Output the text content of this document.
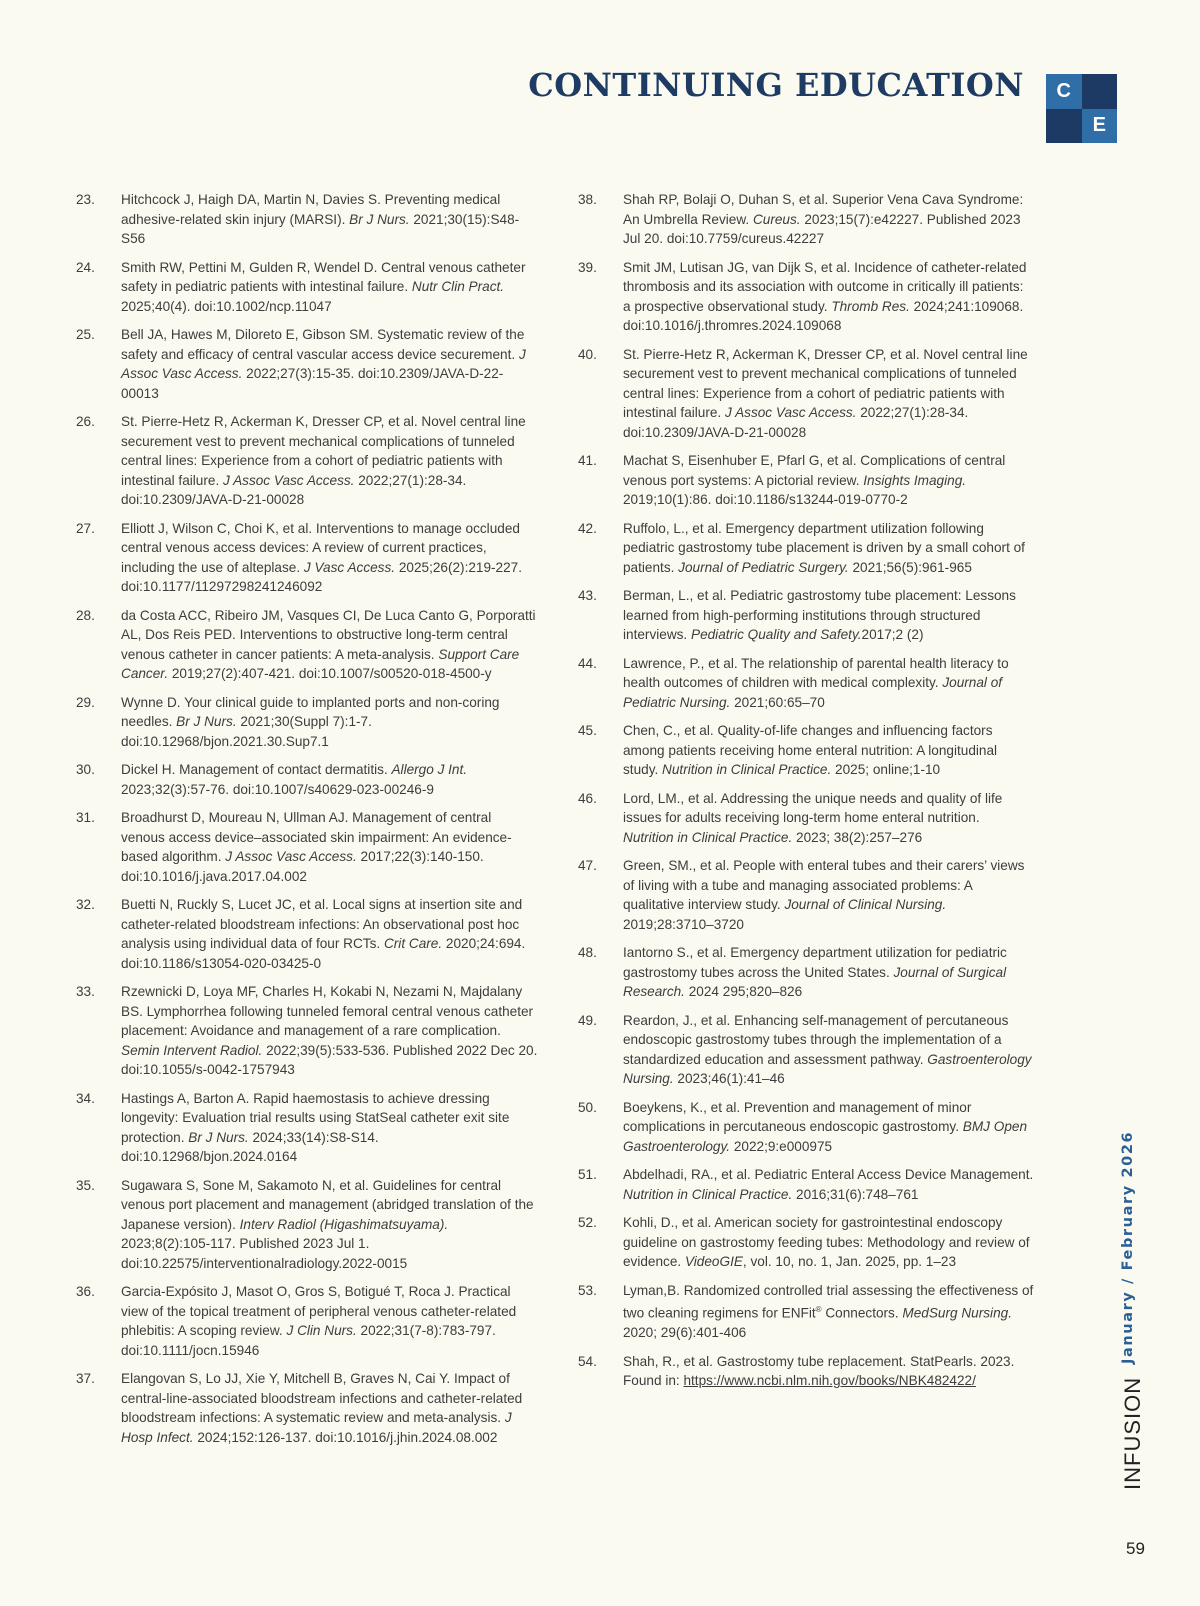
CONTINUING EDUCATION	C
E
23.	Hitchcock J, Haigh DA, Martin N, Davies S. Preventing medical adhesive-related skin injury (MARSI). Br J Nurs. 2021;30(15):S48-S56
24.	Smith RW, Pettini M, Gulden R, Wendel D. Central venous catheter safety in pediatric patients with intestinal failure. Nutr Clin Pract. 2025;40(4). doi:10.1002/ncp.11047
25.	Bell JA, Hawes M, Diloreto E, Gibson SM. Systematic review of the safety and efficacy of central vascular access device securement. J Assoc Vasc Access. 2022;27(3):15-35. doi:10.2309/JAVA-D-22-00013
26.	St. Pierre-Hetz R, Ackerman K, Dresser CP, et al. Novel central line securement vest to prevent mechanical complications of tunneled central lines: Experience from a cohort of pediatric patients with intestinal failure. J Assoc Vasc Access. 2022;27(1):28-34. doi:10.2309/JAVA-D-21-00028
27.	Elliott J, Wilson C, Choi K, et al. Interventions to manage occluded central venous access devices: A review of current practices, including the use of alteplase. J Vasc Access. 2025;26(2):219-227. doi:10.1177/11297298241246092
28.	da Costa ACC, Ribeiro JM, Vasques CI, De Luca Canto G, Porporatti AL, Dos Reis PED. Interventions to obstructive long-term central venous catheter in cancer patients: A meta-analysis. Support Care Cancer. 2019;27(2):407-421. doi:10.1007/s00520-018-4500-y
29.	Wynne D. Your clinical guide to implanted ports and non-coring needles. Br J Nurs. 2021;30(Suppl 7):1-7. doi:10.12968/bjon.2021.30.Sup7.1
30.	Dickel H. Management of contact dermatitis. Allergo J Int. 2023;32(3):57-76. doi:10.1007/s40629-023-00246-9
31.	Broadhurst D, Moureau N, Ullman AJ. Management of central venous access device–associated skin impairment: An evidence-based algorithm. J Assoc Vasc Access. 2017;22(3):140-150. doi:10.1016/j.java.2017.04.002
32.	Buetti N, Ruckly S, Lucet JC, et al. Local signs at insertion site and catheter-related bloodstream infections: An observational post hoc analysis using individual data of four RCTs. Crit Care. 2020;24:694. doi:10.1186/s13054-020-03425-0
33.	Rzewnicki D, Loya MF, Charles H, Kokabi N, Nezami N, Majdalany BS. Lymphorrhea following tunneled femoral central venous catheter placement: Avoidance and management of a rare complication. Semin Intervent Radiol. 2022;39(5):533-536. Published 2022 Dec 20. doi:10.1055/s-0042-1757943
34.	Hastings A, Barton A. Rapid haemostasis to achieve dressing longevity: Evaluation trial results using StatSeal catheter exit site protection. Br J Nurs. 2024;33(14):S8-S14. doi:10.12968/bjon.2024.0164
35.	Sugawara S, Sone M, Sakamoto N, et al. Guidelines for central venous port placement and management (abridged translation of the Japanese version). Interv Radiol (Higashimatsuyama). 2023;8(2):105-117. Published 2023 Jul 1. doi:10.22575/interventionalradiology.2022-0015
36.	Garcia-Expósito J, Masot O, Gros S, Botigué T, Roca J. Practical view of the topical treatment of peripheral venous catheter-related phlebitis: A scoping review. J Clin Nurs. 2022;31(7-8):783-797. doi:10.1111/jocn.15946
37.	Elangovan S, Lo JJ, Xie Y, Mitchell B, Graves N, Cai Y. Impact of central-line-associated bloodstream infections and catheter-related bloodstream infections: A systematic review and meta-analysis. J Hosp Infect. 2024;152:126-137. doi:10.1016/j.jhin.2024.08.002
38.	Shah RP, Bolaji O, Duhan S, et al. Superior Vena Cava Syndrome: An Umbrella Review. Cureus. 2023;15(7):e42227. Published 2023 Jul 20. doi:10.7759/cureus.42227
39.	Smit JM, Lutisan JG, van Dijk S, et al. Incidence of catheter-related thrombosis and its association with outcome in critically ill patients: a prospective observational study. Thromb Res. 2024;241:109068. doi:10.1016/j.thromres.2024.109068
40.	St. Pierre-Hetz R, Ackerman K, Dresser CP, et al. Novel central line securement vest to prevent mechanical complications of tunneled central lines: Experience from a cohort of pediatric patients with intestinal failure. J Assoc Vasc Access. 2022;27(1):28-34. doi:10.2309/JAVA-D-21-00028
41.	Machat S, Eisenhuber E, Pfarl G, et al. Complications of central venous port systems: A pictorial review. Insights Imaging. 2019;10(1):86. doi:10.1186/s13244-019-0770-2
42.	Ruffolo, L., et al. Emergency department utilization following pediatric gastrostomy tube placement is driven by a small cohort of patients. Journal of Pediatric Surgery. 2021;56(5):961-965
43.	Berman, L., et al. Pediatric gastrostomy tube placement: Lessons learned from high-performing institutions through structured interviews. Pediatric Quality and Safety.2017;2 (2)
44.	Lawrence, P., et al. The relationship of parental health literacy to health outcomes of children with medical complexity. Journal of Pediatric Nursing. 2021;60:65–70
45.	Chen, C., et al. Quality-of-life changes and influencing factors among patients receiving home enteral nutrition: A longitudinal study. Nutrition in Clinical Practice. 2025; online;1-10
46.	Lord, LM., et al. Addressing the unique needs and quality of life issues for adults receiving long-term home enteral nutrition. Nutrition in Clinical Practice. 2023; 38(2):257–276
47.	Green, SM., et al. People with enteral tubes and their carers’ views of living with a tube and managing associated problems: A qualitative interview study. Journal of Clinical Nursing. 2019;28:3710–3720
48.	Iantorno S., et al. Emergency department utilization for pediatric gastrostomy tubes across the United States. Journal of Surgical Research. 2024 295;820–826
49.	Reardon, J., et al. Enhancing self-management of percutaneous endoscopic gastrostomy tubes through the implementation of a standardized education and assessment pathway. Gastroenterology Nursing. 2023;46(1):41–46
50.	Boeykens, K., et al. Prevention and management of minor complications in percutaneous endoscopic gastrostomy. BMJ Open Gastroenterology. 2022;9:e000975
51.	Abdelhadi, RA., et al. Pediatric Enteral Access Device Management. Nutrition in Clinical Practice. 2016;31(6):748–761
52.	Kohli, D., et al. American society for gastrointestinal endoscopy guideline on gastrostomy feeding tubes: Methodology and review of evidence. VideoGIE, vol. 10, no. 1, Jan. 2025, pp. 1–23
53.	Lyman,B. Randomized controlled trial assessing the effectiveness of two cleaning regimens for ENFit® Connectors. MedSurg Nursing. 2020; 29(6):401-406
54.	Shah, R., et al. Gastrostomy tube replacement. StatPearls. 2023. Found in: https://www.ncbi.nlm.nih.gov/books/NBK482422/
January / February 2026
INFUSION
59
